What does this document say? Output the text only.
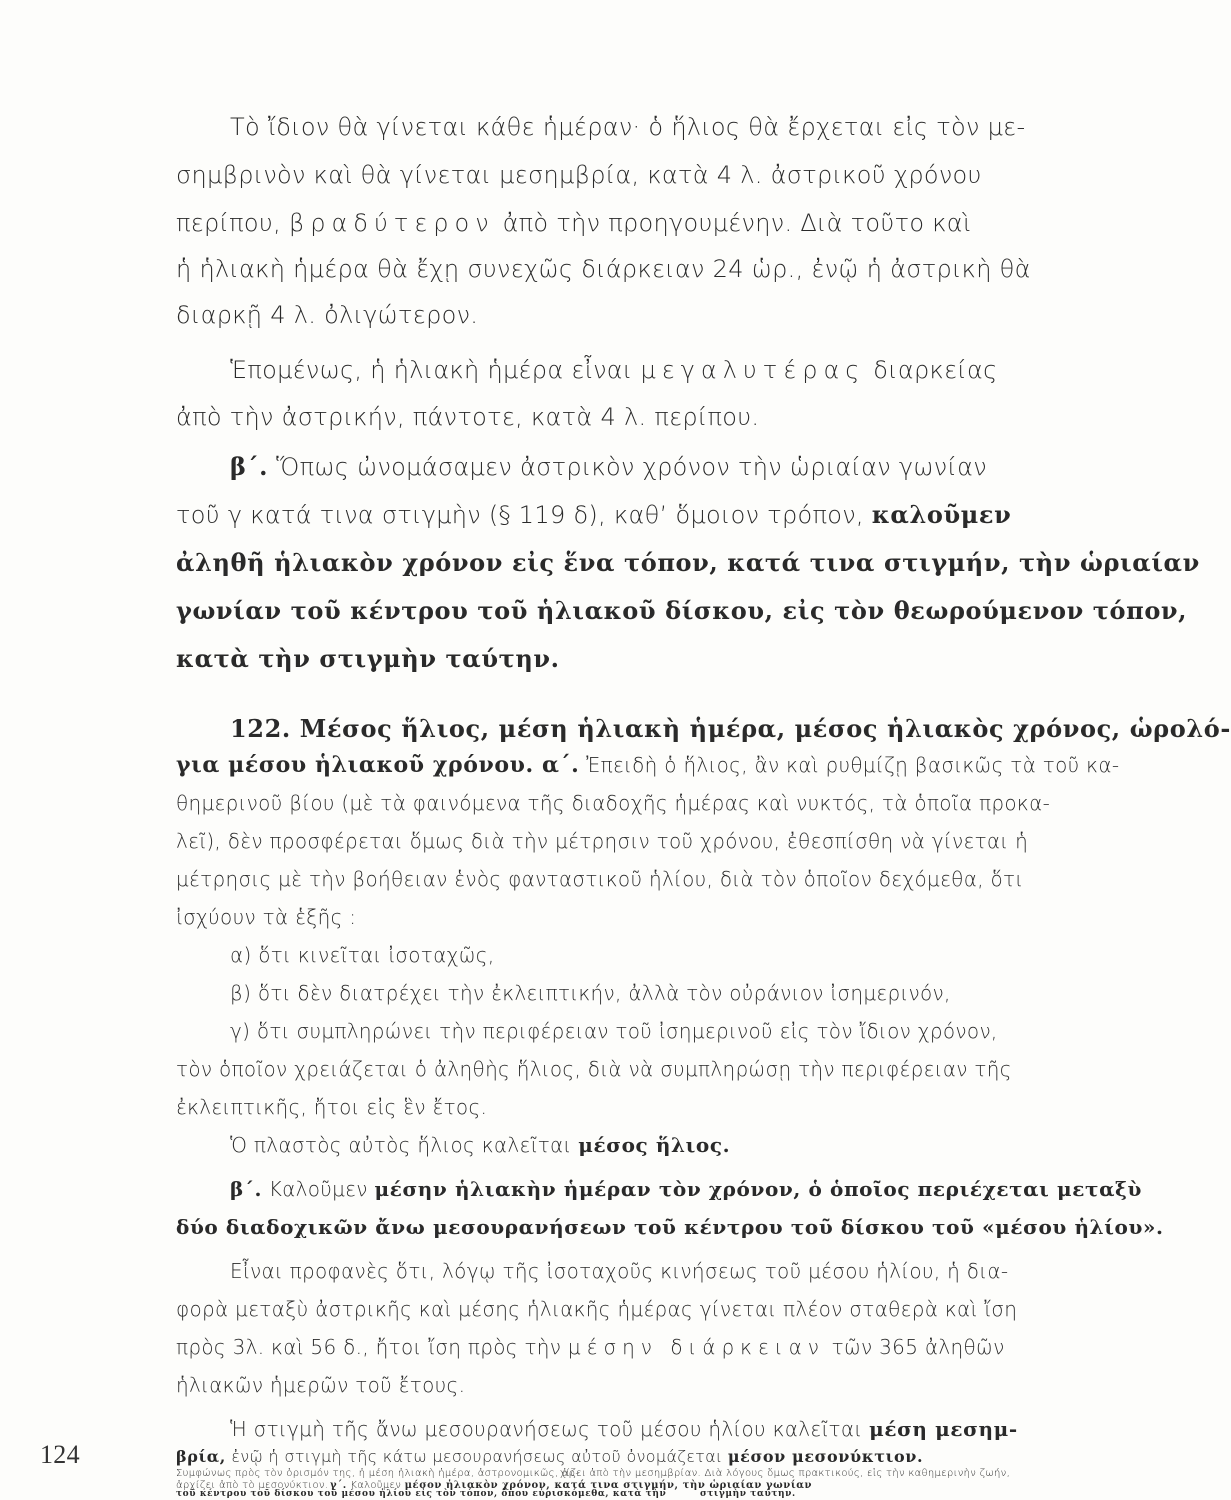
Τὸ ἴδιον θὰ γίνεται κάθε ἡμέραν· ὁ ἥλιος θὰ ἔρχεται εἰς τὸν με-
σημβρινὸν καὶ θὰ γίνεται μεσημβρία, κατὰ 4 λ. ἀστρικοῦ χρόνου
περίπου, βραδύτερον ἀπὸ τὴν προηγουμένην. Διὰ τοῦτο καὶ
ἡ ἡλιακὴ ἡμέρα θὰ ἔχῃ συνεχῶς διάρκειαν 24 ὡρ., ἐνῷ ἡ ἀστρικὴ θὰ
διαρκῇ 4 λ. ὀλιγώτερον.
Ἑπομένως, ἡ ἡλιακὴ ἡμέρα εἶναι μεγαλυτέρας διαρκείας
ἀπὸ τὴν ἀστρικήν, πάντοτε, κατὰ 4 λ. περίπου.
β΄. Ὅπως ὠνομάσαμεν ἀστρικὸν χρόνον τὴν ὡριαίαν γωνίαν
τοῦ γ κατά τινα στιγμὴν (§ 119 δ), καθ’ ὅμοιον τρόπον, καλοῦμεν
ἀληθῆ ἡλιακὸν χρόνον εἰς ἕνα τόπον, κατά τινα στιγμήν, τὴν ὡριαίαν
γωνίαν τοῦ κέντρου τοῦ ἡλιακοῦ δίσκου, εἰς τὸν θεωρούμενον τόπον,
κατὰ τὴν στιγμὴν ταύτην.
122. Μέσος ἥλιος, μέση ἡλιακὴ ἡμέρα, μέσος ἡλιακὸς χρόνος, ὡρολό-
για μέσου ἡλιακοῦ χρόνου. α΄. Ἐπειδὴ ὁ ἥλιος, ἂν καὶ ρυθμίζῃ βασικῶς τὰ τοῦ κα-
θημερινοῦ βίου (μὲ τὰ φαινόμενα τῆς διαδοχῆς ἡμέρας καὶ νυκτός, τὰ ὁποῖα προκα-
λεῖ), δὲν προσφέρεται ὅμως διὰ τὴν μέτρησιν τοῦ χρόνου, ἐθεσπίσθη νὰ γίνεται ἡ
μέτρησις μὲ τὴν βοήθειαν ἑνὸς φανταστικοῦ ἡλίου, διὰ τὸν ὁποῖον δεχόμεθα, ὅτι
ἰσχύουν τὰ ἑξῆς :
α) ὅτι κινεῖται ἰσοταχῶς,
β) ὅτι δὲν διατρέχει τὴν ἐκλειπτικήν, ἀλλὰ τὸν οὐράνιον ἰσημερινόν,
γ) ὅτι συμπληρώνει τὴν περιφέρειαν τοῦ ἰσημερινοῦ εἰς τὸν ἴδιον χρόνον,
τὸν ὁποῖον χρειάζεται ὁ ἀληθὴς ἥλιος, διὰ νὰ συμπληρώσῃ τὴν περιφέρειαν τῆς
ἐκλειπτικῆς, ἤτοι εἰς ἓν ἔτος.
Ὁ πλαστὸς αὐτὸς ἥλιος καλεῖται μέσος ἥλιος.
β΄. Καλοῦμεν μέσην ἡλιακὴν ἡμέραν τὸν χρόνον, ὁ ὁποῖος περιέχεται μεταξὺ
δύο διαδοχικῶν ἄνω μεσουρανήσεων τοῦ κέντρου τοῦ δίσκου τοῦ «μέσου ἡλίου».
Εἶναι προφανὲς ὅτι, λόγῳ τῆς ἰσοταχοῦς κινήσεως τοῦ μέσου ἡλίου, ἡ δια-
φορὰ μεταξὺ ἀστρικῆς καὶ μέσης ἡλιακῆς ἡμέρας γίνεται πλέον σταθερὰ καὶ ἴση
πρὸς 3λ. καὶ 56 δ., ἤτοι ἴση πρὸς τὴν μέσην διάρκειαν τῶν 365 ἀληθῶν
ἡλιακῶν ἡμερῶν τοῦ ἔτους.
Ἡ στιγμὴ τῆς ἄνω μεσουρανήσεως τοῦ μέσου ἡλίου καλεῖται μέση μεσημ-
βρία, ἐνῷ ἡ στιγμὴ τῆς κάτω μεσουρανήσεως αὐτοῦ ὀνομάζεται μέσον μεσονύκτιον.
Συμφώνως πρὸς τὸν ὁρισμόν της, ἡ μέση ἡλιακὴ ἡμέρα, ἀστρονομικῶς, ἀρ-
χίζει ἀπὸ τὴν μεσημβρίαν. Διὰ λόγους ὅμως πρακτικούς, εἰς τὴν καθημερινὴν ζωήν,
ἀρχίζει ἀπὸ τὸ μεσονύκτιον. γ΄. Καλοῦμεν μέσον ἡλιακὸν χρόνον, κατά τινα στιγμήν, τὴν ὡριαίαν γωνίαν
τοῦ κέντρου τοῦ δίσκου τοῦ μέσου ἡλίου εἰς τὸν τόπον, ὅπου εὑρισκόμεθα, κατὰ τὴν	στιγμὴν ταύτην.
124
